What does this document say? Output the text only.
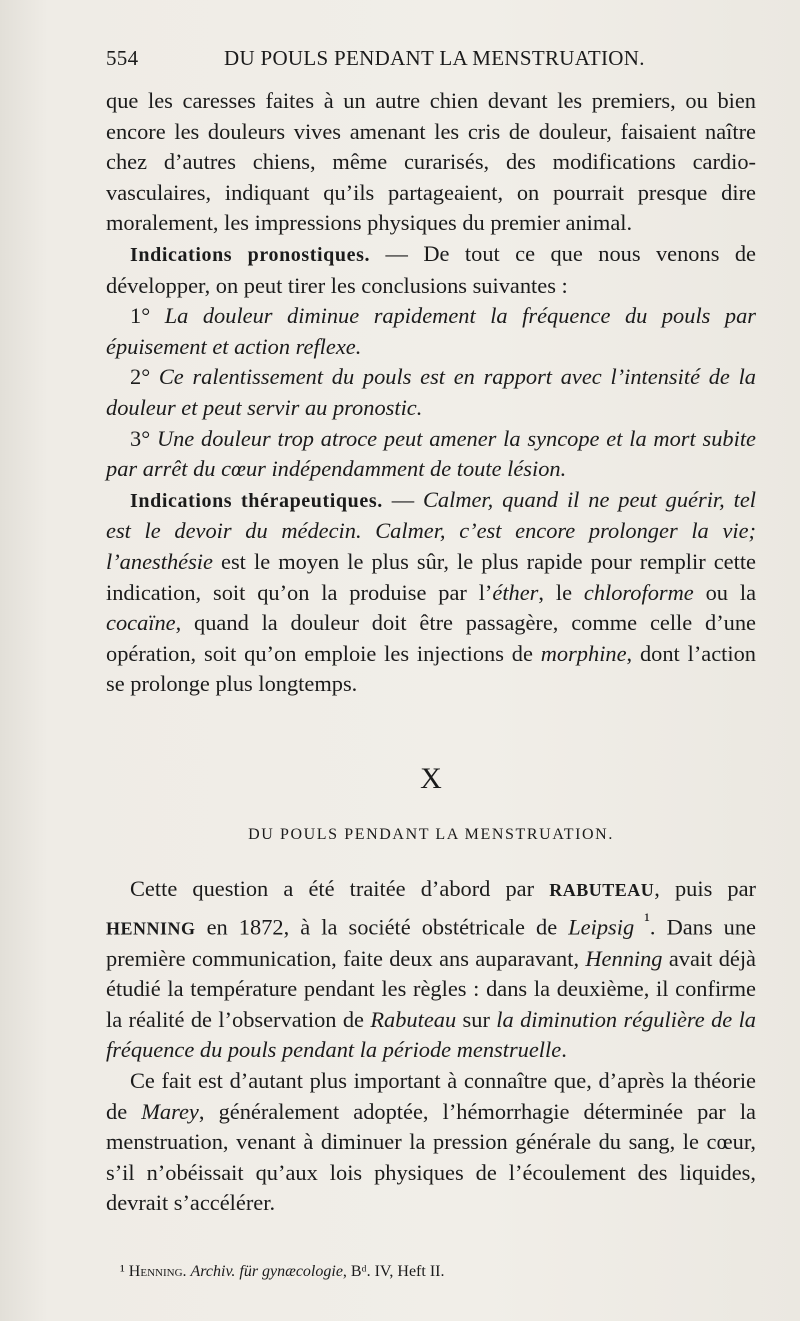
554	DU POULS PENDANT LA MENSTRUATION.

que les caresses faites à un autre chien devant les premiers, ou bien encore les douleurs vives amenant les cris de douleur, faisaient naître chez d’autres chiens, même curarisés, des modifications cardio-vasculaires, indiquant qu’ils partageaient, on pourrait presque dire moralement, les impressions physiques du premier animal.

Indications pronostiques. — De tout ce que nous venons de développer, on peut tirer les conclusions suivantes :

1° La douleur diminue rapidement la fréquence du pouls par épuisement et action reflexe.

2° Ce ralentissement du pouls est en rapport avec l’intensité de la douleur et peut servir au pronostic.

3° Une douleur trop atroce peut amener la syncope et la mort subite par arrêt du cœur indépendamment de toute lésion.

Indications thérapeutiques. — Calmer, quand il ne peut guérir, tel est le devoir du médecin. Calmer, c’est encore prolonger la vie; l’anesthésie est le moyen le plus sûr, le plus rapide pour remplir cette indication, soit qu’on la produise par l’éther, le chloroforme ou la cocaïne, quand la douleur doit être passagère, comme celle d’une opération, soit qu’on emploie les injections de morphine, dont l’action se prolonge plus longtemps.

X
DU POULS PENDANT LA MENSTRUATION.

Cette question a été traitée d’abord par RABUTEAU, puis par HENNING en 1872, à la société obstétricale de Leipsig $^{^1}$. Dans une première communication, faite deux ans auparavant, Henning avait déjà étudié la température pendant les règles : dans la deuxième, il confirme la réalité de l’observation de Rabuteau sur la diminution régulière de la fréquence du pouls pendant la période menstruelle.

Ce fait est d’autant plus important à connaître que, d’après la théorie de Marey, généralement adoptée, l’hémorrhagie déterminée par la menstruation, venant à diminuer la pression générale du sang, le cœur, s’il n’obéissait qu’aux lois physiques de l’écoulement des liquides, devrait s’accélérer.

¹ Henning. Archiv. für gynæcologie, Bᵈ. IV, Heft II.
